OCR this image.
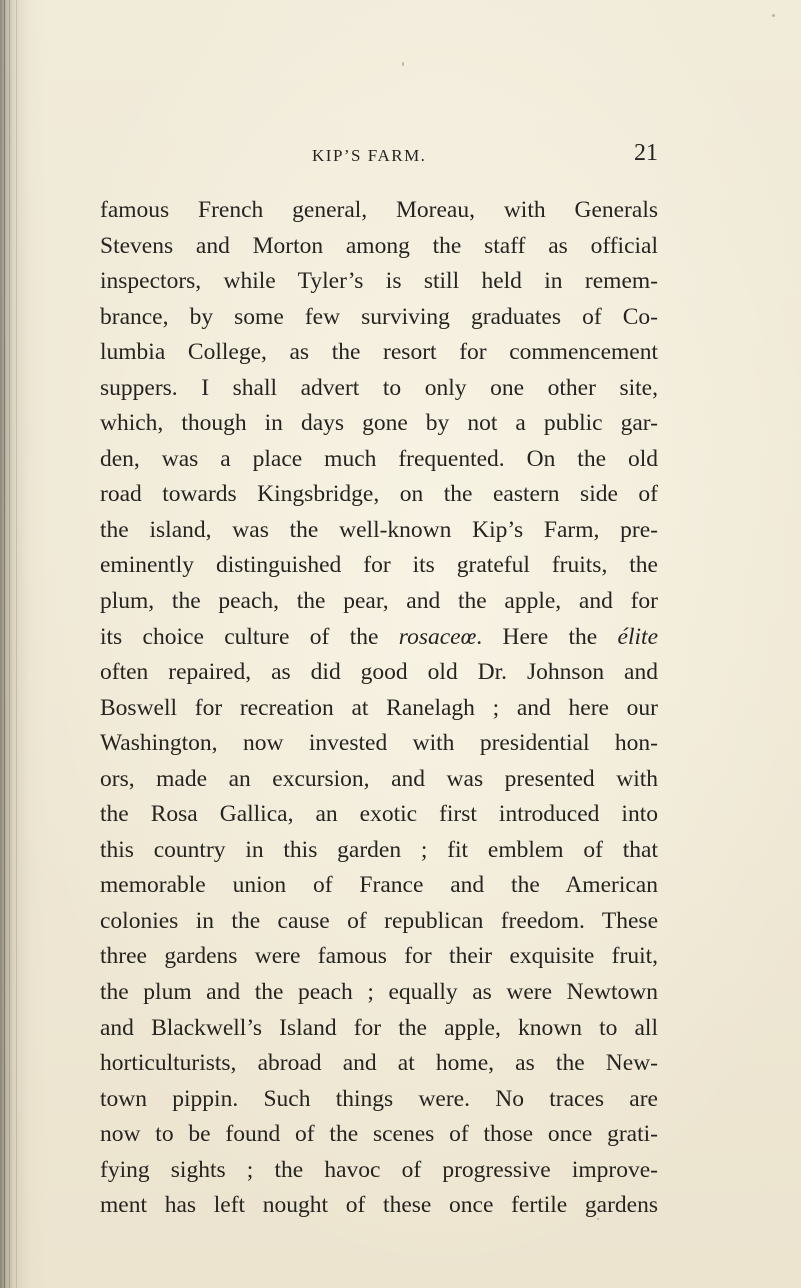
KIP’S FARM.	21
famous French general, Moreau, with Generals
Stevens and Morton among the staff as official
inspectors, while Tyler’s is still held in remem-
brance, by some few surviving graduates of Co-
lumbia College, as the resort for commencement
suppers. I shall advert to only one other site,
which, though in days gone by not a public gar-
den, was a place much frequented. On the old
road towards Kingsbridge, on the eastern side of
the island, was the well-known Kip’s Farm, pre-
eminently distinguished for its grateful fruits, the
plum, the peach, the pear, and the apple, and for
its choice culture of the rosaceœ. Here the élite
often repaired, as did good old Dr. Johnson and
Boswell for recreation at Ranelagh ; and here our
Washington, now invested with presidential hon-
ors, made an excursion, and was presented with
the Rosa Gallica, an exotic first introduced into
this country in this garden ; fit emblem of that
memorable union of France and the American
colonies in the cause of republican freedom. These
three gardens were famous for their exquisite fruit,
the plum and the peach ; equally as were Newtown
and Blackwell’s Island for the apple, known to all
horticulturists, abroad and at home, as the New-
town pippin. Such things were. No traces are
now to be found of the scenes of those once grati-
fying sights ; the havoc of progressive improve-
ment has left nought of these once fertile gardens
